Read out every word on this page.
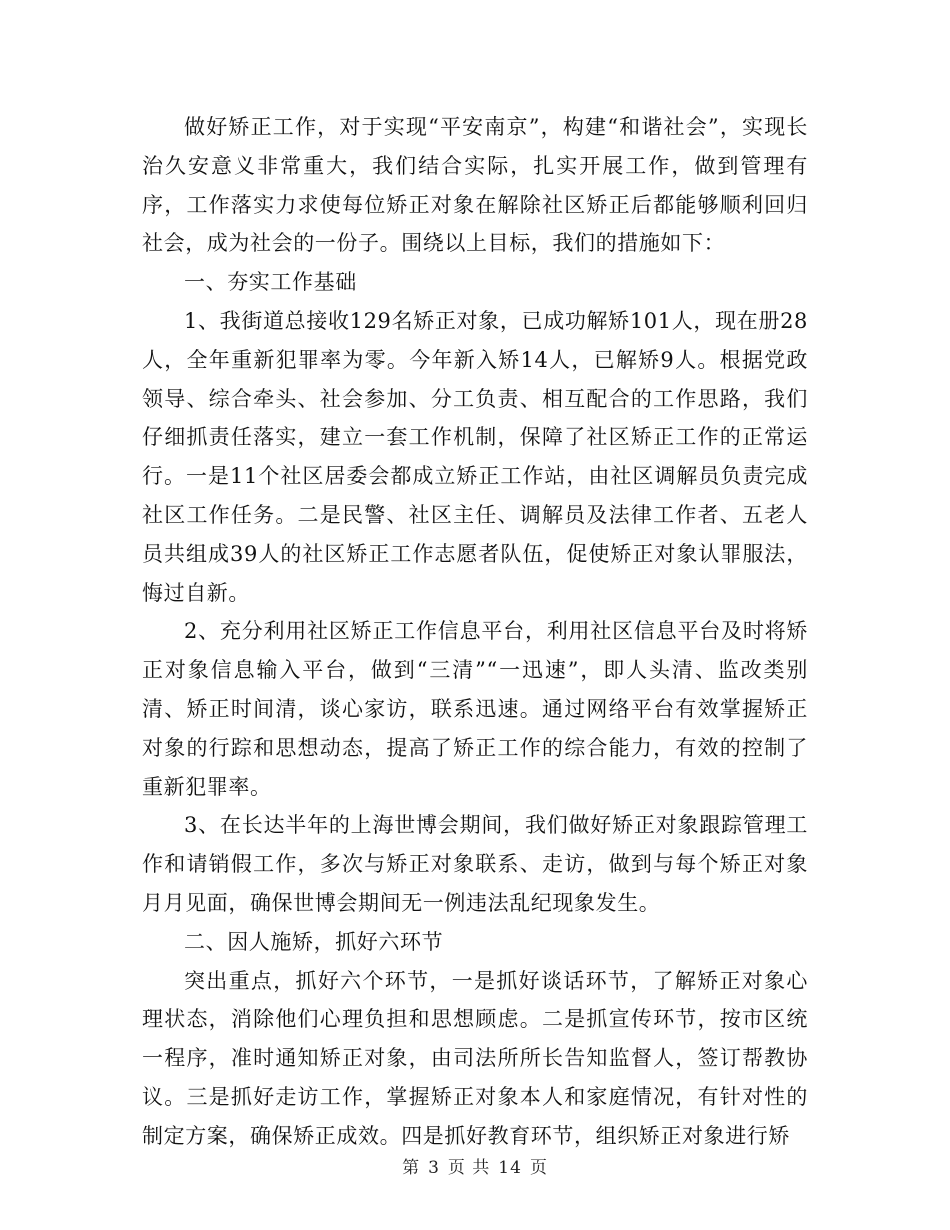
做好矫正工作，对于实现“平安南京”，构建“和谐社会”，实现长治久安意义非常重大，我们结合实际，扎实开展工作，做到管理有序，工作落实力求使每位矫正对象在解除社区矫正后都能够顺利回归社会，成为社会的一份子。围绕以上目标，我们的措施如下：

一、夯实工作基础

1、我街道总接收129名矫正对象，已成功解矫101人，现在册28人，全年重新犯罪率为零。今年新入矫14人，已解矫9人。根据党政领导、综合牵头、社会参加、分工负责、相互配合的工作思路，我们仔细抓责任落实，建立一套工作机制，保障了社区矫正工作的正常运行。一是11个社区居委会都成立矫正工作站，由社区调解员负责完成社区工作任务。二是民警、社区主任、调解员及法律工作者、五老人员共组成39人的社区矫正工作志愿者队伍，促使矫正对象认罪服法，悔过自新。

2、充分利用社区矫正工作信息平台，利用社区信息平台及时将矫正对象信息输入平台，做到“三清”“一迅速”，即人头清、监改类别清、矫正时间清，谈心家访，联系迅速。通过网络平台有效掌握矫正对象的行踪和思想动态，提高了矫正工作的综合能力，有效的控制了重新犯罪率。

3、在长达半年的上海世博会期间，我们做好矫正对象跟踪管理工作和请销假工作，多次与矫正对象联系、走访，做到与每个矫正对象月月见面，确保世博会期间无一例违法乱纪现象发生。

二、因人施矫，抓好六环节

突出重点，抓好六个环节，一是抓好谈话环节，了解矫正对象心理状态，消除他们心理负担和思想顾虑。二是抓宣传环节，按市区统一程序，准时通知矫正对象，由司法所所长告知监督人，签订帮教协议。三是抓好走访工作，掌握矫正对象本人和家庭情况，有针对性的制定方案，确保矫正成效。四是抓好教育环节，组织矫正对象进行矫

第 3 页 共 14 页
